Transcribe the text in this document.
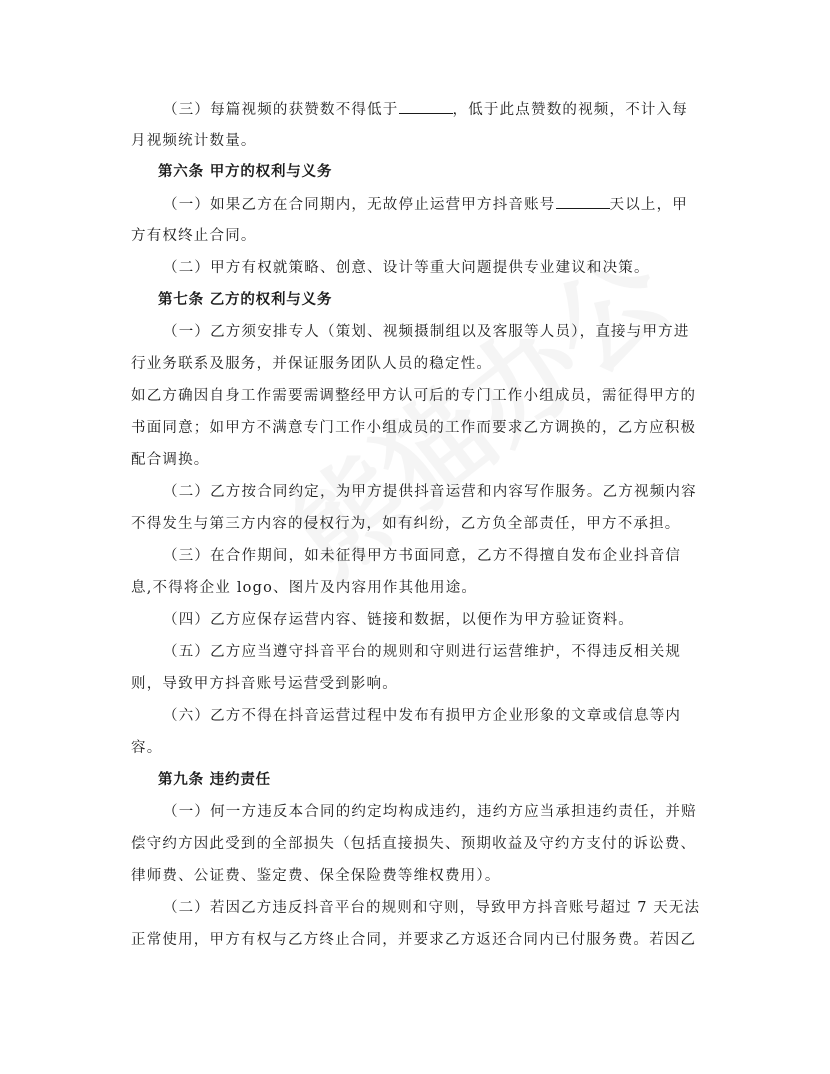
（三）每篇视频的获赞数不得低于	，低于此点赞数的视频，不计入每
月视频统计数量。
第六条 甲方的权利与义务
（一）如果乙方在合同期内，无故停止运营甲方抖音账号	天以上，甲
方有权终止合同。
（二）甲方有权就策略、创意、设计等重大问题提供专业建议和决策。
第七条 乙方的权利与义务
（一）乙方须安排专人（策划、视频摄制组以及客服等人员），直接与甲方进
行业务联系及服务，并保证服务团队人员的稳定性。
如乙方确因自身工作需要需调整经甲方认可后的专门工作小组成员，需征得甲方的
书面同意；如甲方不满意专门工作小组成员的工作而要求乙方调换的，乙方应积极
配合调换。
（二）乙方按合同约定，为甲方提供抖音运营和内容写作服务。乙方视频内容
不得发生与第三方内容的侵权行为，如有纠纷，乙方负全部责任，甲方不承担。
（三）在合作期间，如未征得甲方书面同意，乙方不得擅自发布企业抖音信
息,不得将企业 logo、图片及内容用作其他用途。
（四）乙方应保存运营内容、链接和数据，以便作为甲方验证资料。
（五）乙方应当遵守抖音平台的规则和守则进行运营维护，不得违反相关规
则，导致甲方抖音账号运营受到影响。
（六）乙方不得在抖音运营过程中发布有损甲方企业形象的文章或信息等内
容。
第九条 违约责任
（一）何一方违反本合同的约定均构成违约，违约方应当承担违约责任，并赔
偿守约方因此受到的全部损失（包括直接损失、预期收益及守约方支付的诉讼费、
律师费、公证费、鉴定费、保全保险费等维权费用）。
（二）若因乙方违反抖音平台的规则和守则，导致甲方抖音账号超过 7 天无法
正常使用，甲方有权与乙方终止合同，并要求乙方返还合同内已付服务费。若因乙
